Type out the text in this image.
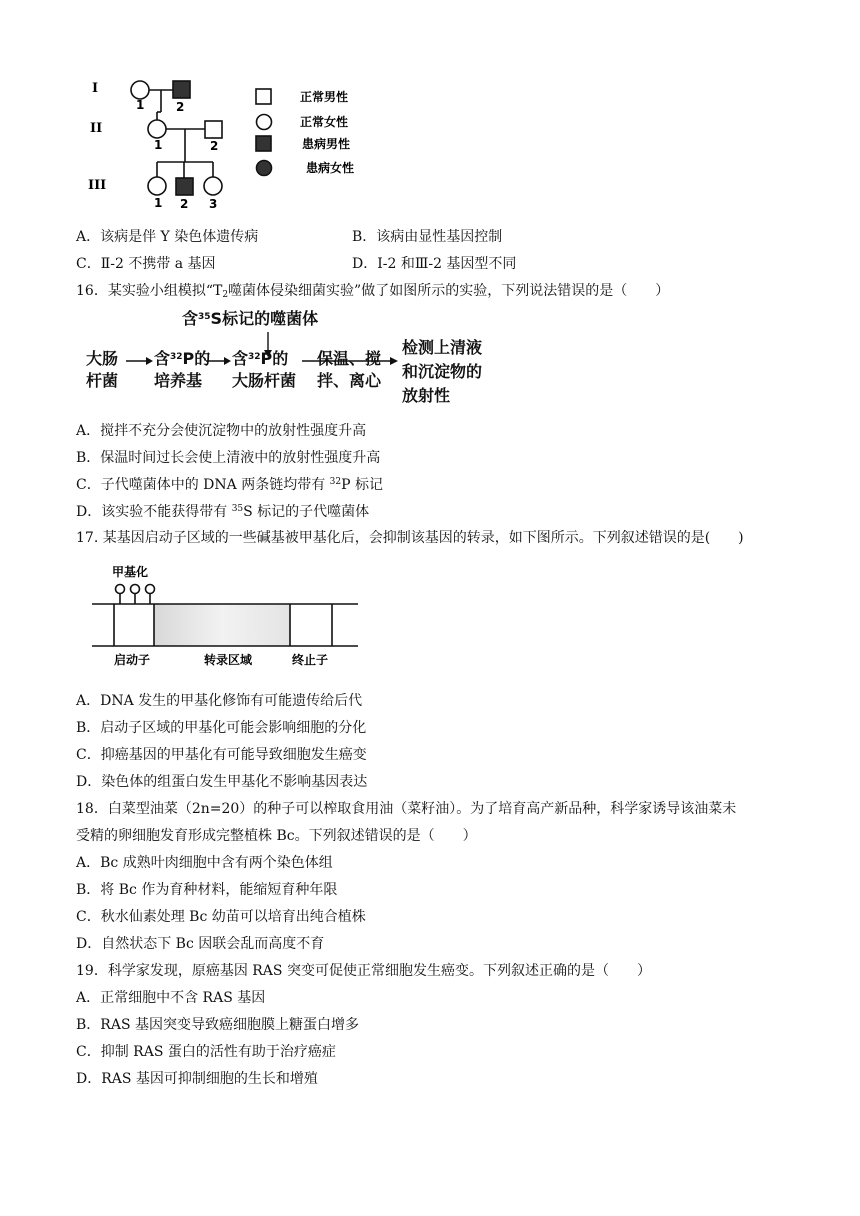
I
II
III
1	2
1	2
1 2 3
正常男性
正常女性
患病男性
患病女性
A．该病是伴 Y 染色体遗传病	B．该病由显性基因控制
C．Ⅱ-2 不携带 a 基因	D．I-2 和Ⅲ-2 基因型不同
16．某实验小组模拟“$T_2$噬菌体侵染细菌实验”做了如图所示的实验，下列说法错误的是（　　）
含$^{35}$S标记的噬菌体
大肠
杆菌
含$^{32}$P的
培养基
含$^{32}$P的
大肠杆菌
保温、搅
拌、离心
检测上清液
和沉淀物的
放射性
A．搅拌不充分会使沉淀物中的放射性强度升高
B．保温时间过长会使上清液中的放射性强度升高
C．子代噬菌体中的 DNA 两条链均带有 $^{32}$P 标记
D．该实验不能获得带有 $^{35}$S 标记的子代噬菌体
17. 某基因启动子区域的一些碱基被甲基化后，会抑制该基因的转录，如下图所示。下列叙述错误的是(　　)
甲基化
启动子	转录区域	终止子
A．DNA 发生的甲基化修饰有可能遗传给后代
B．启动子区域的甲基化可能会影响细胞的分化
C．抑癌基因的甲基化有可能导致细胞发生癌变
D．染色体的组蛋白发生甲基化不影响基因表达
18．白菜型油菜（2n=20）的种子可以榨取食用油（菜籽油）。为了培育高产新品种，科学家诱导该油菜未
受精的卵细胞发育形成完整植株 Bc。下列叙述错误的是（　　）
A．Bc 成熟叶肉细胞中含有两个染色体组
B．将 Bc 作为育种材料，能缩短育种年限
C．秋水仙素处理 Bc 幼苗可以培育出纯合植株
D．自然状态下 Bc 因联会乱而高度不育
19．科学家发现，原癌基因 RAS 突变可促使正常细胞发生癌变。下列叙述正确的是（　　）
A．正常细胞中不含 RAS 基因
B．RAS 基因突变导致癌细胞膜上糖蛋白增多
C．抑制 RAS 蛋白的活性有助于治疗癌症
D．RAS 基因可抑制细胞的生长和增殖
